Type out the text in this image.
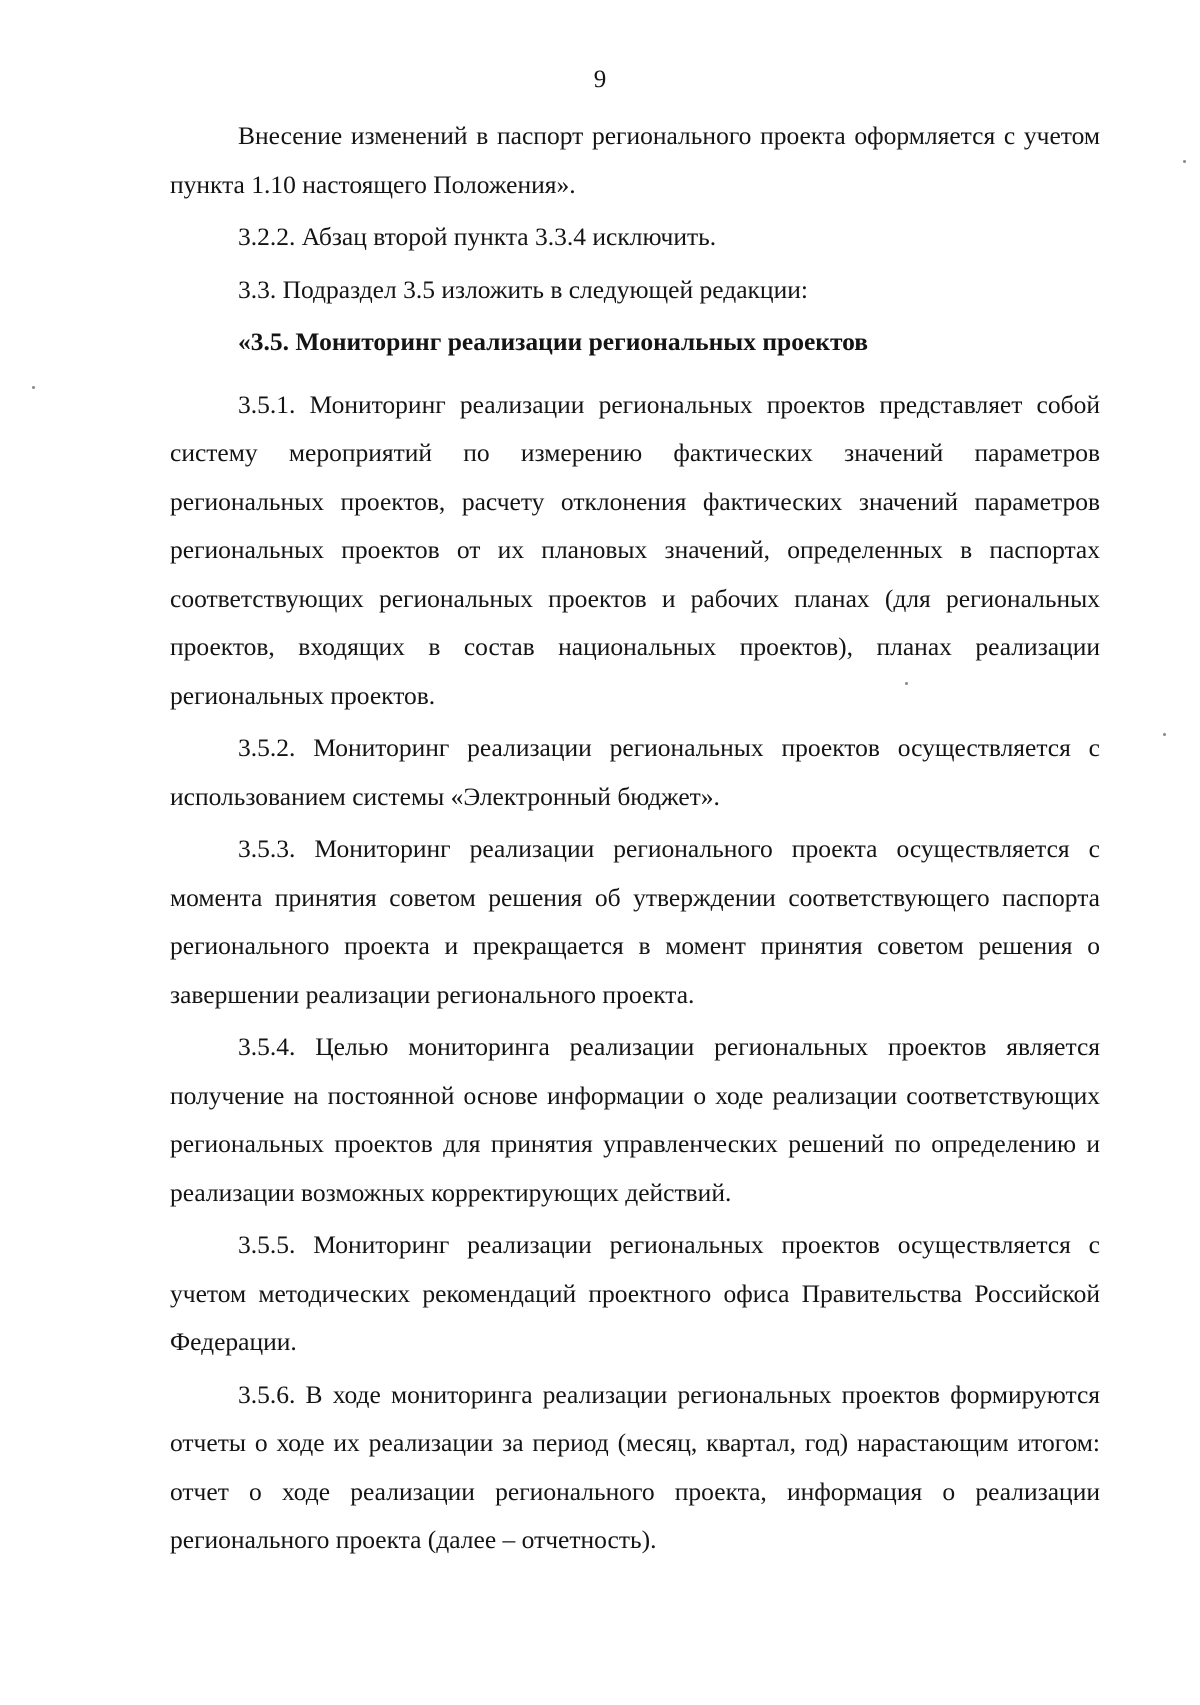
9

Внесение изменений в паспорт регионального проекта оформляется с учетом пункта 1.10 настоящего Положения».

3.2.2. Абзац второй пункта 3.3.4 исключить.

3.3. Подраздел 3.5 изложить в следующей редакции:

«3.5. Мониторинг реализации региональных проектов

3.5.1. Мониторинг реализации региональных проектов представляет собой систему мероприятий по измерению фактических значений параметров региональных проектов, расчету отклонения фактических значений параметров региональных проектов от их плановых значений, определенных в паспортах соответствующих региональных проектов и рабочих планах (для региональных проектов, входящих в состав национальных проектов), планах реализации региональных проектов.

3.5.2. Мониторинг реализации региональных проектов осуществляется с использованием системы «Электронный бюджет».

3.5.3. Мониторинг реализации регионального проекта осуществляется с момента принятия советом решения об утверждении соответствующего паспорта регионального проекта и прекращается в момент принятия советом решения о завершении реализации регионального проекта.

3.5.4. Целью мониторинга реализации региональных проектов является получение на постоянной основе информации о ходе реализации соответствующих региональных проектов для принятия управленческих решений по определению и реализации возможных корректирующих действий.

3.5.5. Мониторинг реализации региональных проектов осуществляется с учетом методических рекомендаций проектного офиса Правительства Российской Федерации.

3.5.6. В ходе мониторинга реализации региональных проектов формируются отчеты о ходе их реализации за период (месяц, квартал, год) нарастающим итогом: отчет о ходе реализации регионального проекта, информация о реализации регионального проекта (далее – отчетность).
